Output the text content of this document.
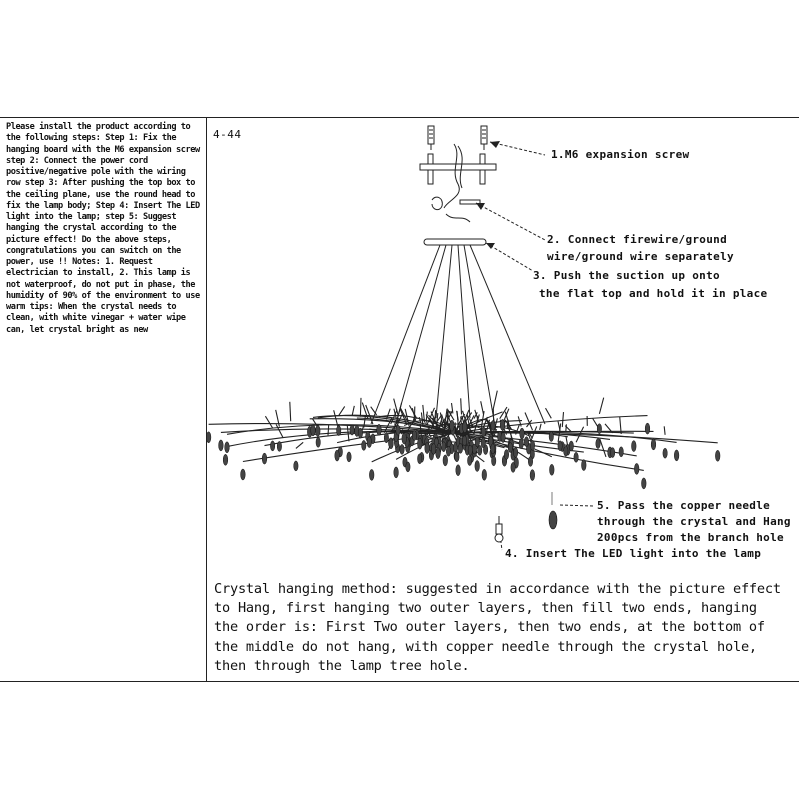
Please install the product according to the following steps: Step 1: Fix the hanging board with the M6 expansion screw step 2: Connect the power cord positive/negative pole with the wiring row step 3: After pushing the top box to the ceiling plane, use the round head to fix the lamp body; Step 4: Insert The LED light into the lamp; step 5: Suggest hanging the crystal according to the picture effect! Do the above steps, congratulations you can switch on the power, use !! Notes: 1. Request electrician to install, 2. This lamp is not waterproof, do not put in phase, the humidity of 90% of the environment to use warm tips: When the crystal needs to clean, with white vinegar + water wipe can, let crystal bright as new
4-44
1.M6 expansion screw
2. Connect firewire/ground
wire/ground wire separately
3. Push the suction up onto
the flat top and hold it in place
5. Pass the copper needle
through the crystal and Hang
200pcs from the branch hole
4. Insert The LED light into the lamp
Crystal hanging method: suggested in accordance with the picture effect
to Hang, first hanging two outer layers, then fill two ends, hanging
the order is: First Two outer layers, then two ends, at the bottom of
the middle do not hang, with copper needle through the crystal hole,
then through the lamp tree hole.
